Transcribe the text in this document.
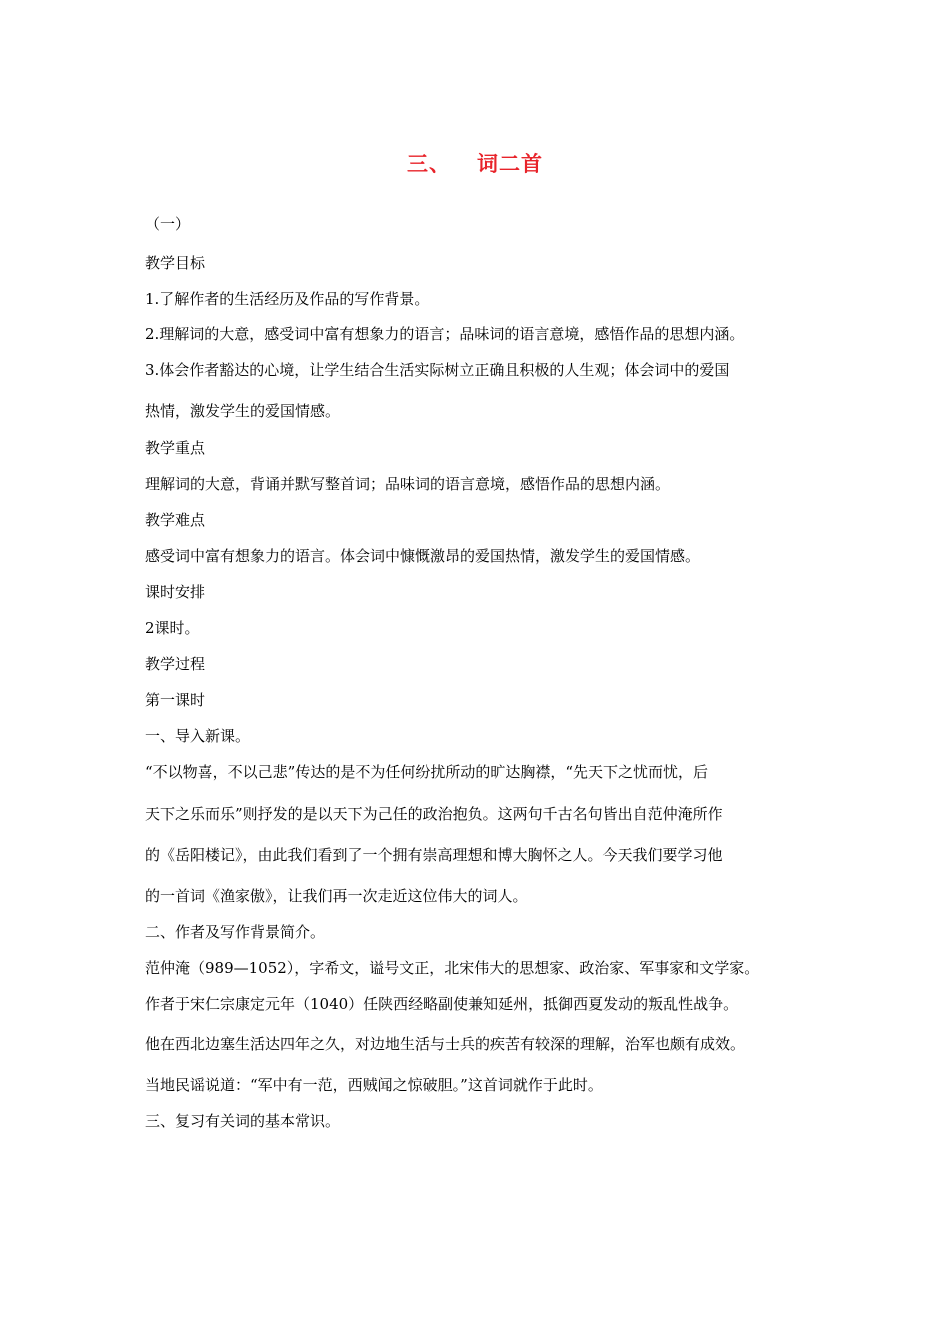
三、 词二首
（一）
教学目标
1.了解作者的生活经历及作品的写作背景。
2.理解词的大意，感受词中富有想象力的语言；品味词的语言意境，感悟作品的思想内涵。
3.体会作者豁达的心境，让学生结合生活实际树立正确且积极的人生观；体会词中的爱国
热情，激发学生的爱国情感。
教学重点
理解词的大意，背诵并默写整首词；品味词的语言意境，感悟作品的思想内涵。
教学难点
感受词中富有想象力的语言。体会词中慷慨激昂的爱国热情，激发学生的爱国情感。
课时安排
2课时。
教学过程
第一课时
一、导入新课。
“不以物喜，不以己悲”传达的是不为任何纷扰所动的旷达胸襟，“先天下之忧而忧，后
天下之乐而乐”则抒发的是以天下为己任的政治抱负。这两句千古名句皆出自范仲淹所作
的《岳阳楼记》，由此我们看到了一个拥有崇高理想和博大胸怀之人。今天我们要学习他
的一首词《渔家傲》，让我们再一次走近这位伟大的词人。
二、作者及写作背景简介。
范仲淹（989—1052），字希文，谥号文正，北宋伟大的思想家、政治家、军事家和文学家。
作者于宋仁宗康定元年（1040）任陕西经略副使兼知延州，抵御西夏发动的叛乱性战争。
他在西北边塞生活达四年之久，对边地生活与士兵的疾苦有较深的理解，治军也颇有成效。
当地民谣说道：“军中有一范，西贼闻之惊破胆。”这首词就作于此时。
三、复习有关词的基本常识。
